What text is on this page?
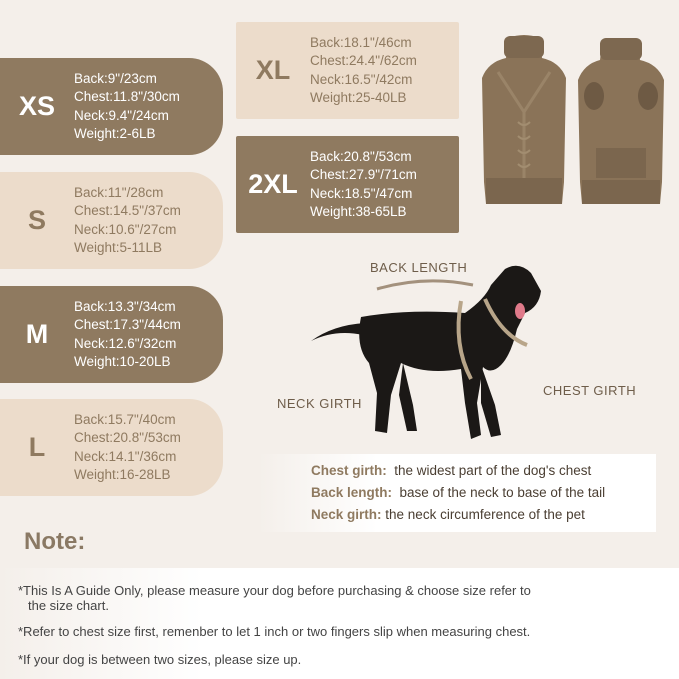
XS
Back:9"/23cm
Chest:11.8"/30cm
Neck:9.4"/24cm
Weight:2-6LB
S
Back:11"/28cm
Chest:14.5"/37cm
Neck:10.6"/27cm
Weight:5-11LB
M
Back:13.3"/34cm
Chest:17.3"/44cm
Neck:12.6"/32cm
Weight:10-20LB
L
Back:15.7"/40cm
Chest:20.8"/53cm
Neck:14.1"/36cm
Weight:16-28LB
XL
Back:18.1"/46cm
Chest:24.4"/62cm
Neck:16.5"/42cm
Weight:25-40LB
2XL
Back:20.8"/53cm
Chest:27.9"/71cm
Neck:18.5"/47cm
Weight:38-65LB
BACK LENGTH
NECK GIRTH
CHEST GIRTH
Chest girth: the widest part of the dog's chest
Back length: base of the neck to base of the tail
Neck girth: the neck circumference of the pet
Note:
*This Is A Guide Only, please measure your dog before purchasing & choose size refer to
the size chart.
*Refer to chest size first, remenber to let 1 inch or two fingers slip when measuring chest.
*If your dog is between two sizes, please size up.
